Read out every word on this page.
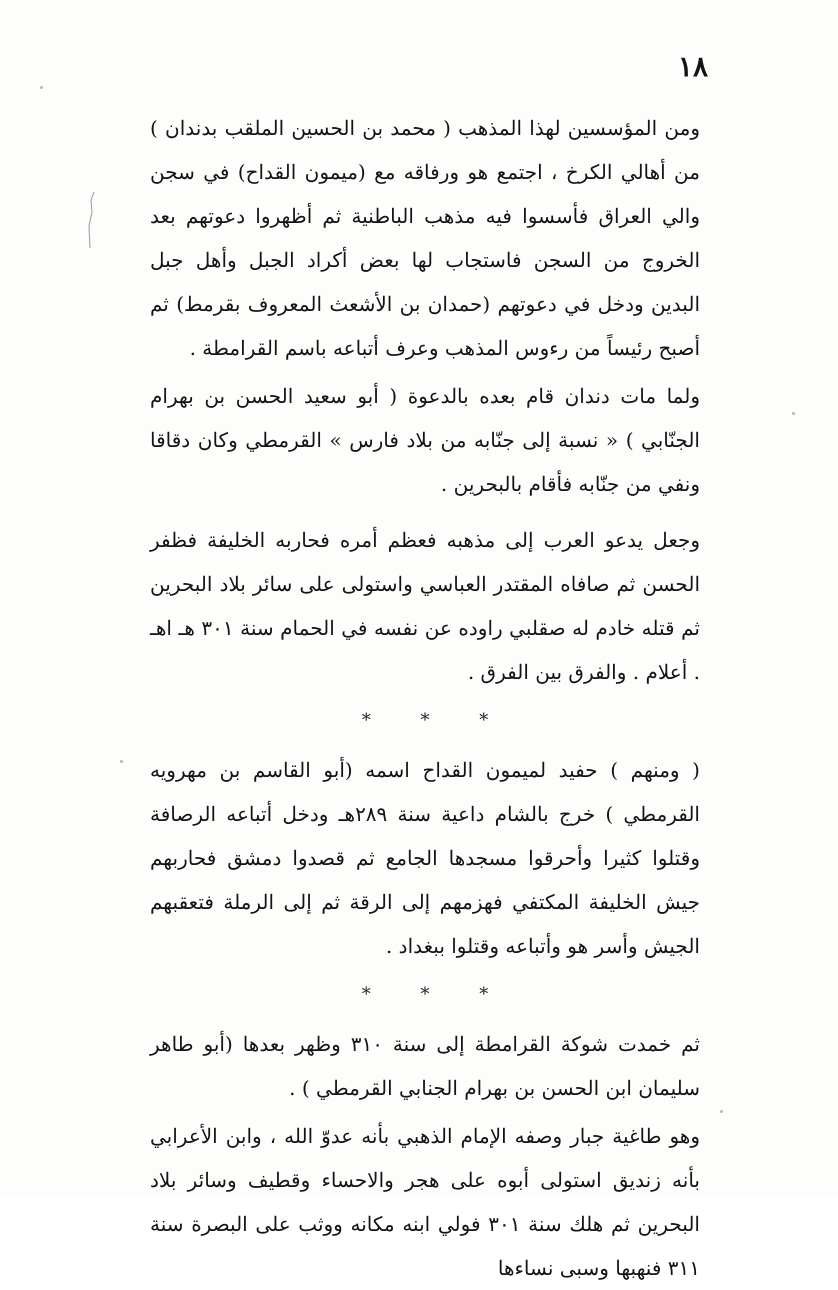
١٨

ومن المؤسسين لهذا المذهب ( محمد بن الحسين الملقب بدندان ) من أهالي الكرخ ، اجتمع هو ورفاقه مع (ميمون القداح) في سجن والي العراق فأسسوا فيه مذهب الباطنية ثم أظهروا دعوتهم بعد الخروج من السجن فاستجاب لها بعض أكراد الجبل وأهل جبل البدين ودخل في دعوتهم (حمدان بن الأشعث المعروف بقرمط) ثم أصبح رئيساً من رءوس المذهب وعرف أتباعه باسم القرامطة .

ولما مات دندان قام بعده بالدعوة ( أبو سعيد الحسن بن بهرام الجنّابي ) « نسبة إلى جنّابه من بلاد فارس » القرمطي وكان دقاقا ونفي من جنّابه فأقام بالبحرين .

وجعل يدعو العرب إلى مذهبه فعظم أمره فحاربه الخليفة فظفر الحسن ثم صافاه المقتدر العباسي واستولى على سائر بلاد البحرين ثم قتله خادم له صقلبي راوده عن نفسه في الحمام سنة ٣٠١ هـ اهـ . أعلام . والفرق بين الفرق .

* * *

( ومنهم ) حفيد لميمون القداح اسمه (أبو القاسم بن مهرويه القرمطي ) خرج بالشام داعية سنة ٢٨٩هـ ودخل أتباعه الرصافة وقتلوا كثيرا وأحرقوا مسجدها الجامع ثم قصدوا دمشق فحاربهم جيش الخليفة المكتفي فهزمهم إلى الرقة ثم إلى الرملة فتعقبهم الجيش وأسر هو وأتباعه وقتلوا ببغداد .

* * *

ثم خمدت شوكة القرامطة إلى سنة ٣١٠ وظهر بعدها (أبو طاهر سليمان ابن الحسن بن بهرام الجنابي القرمطي ) .

وهو طاغية جبار وصفه الإمام الذهبي بأنه عدوّ الله ، وابن الأعرابي بأنه زنديق استولى أبوه على هجر والاحساء وقطيف وسائر بلاد البحرين ثم هلك سنة ٣٠١ فولي ابنه مكانه ووثب على البصرة سنة ٣١١ فنهبها وسبى نساءها
